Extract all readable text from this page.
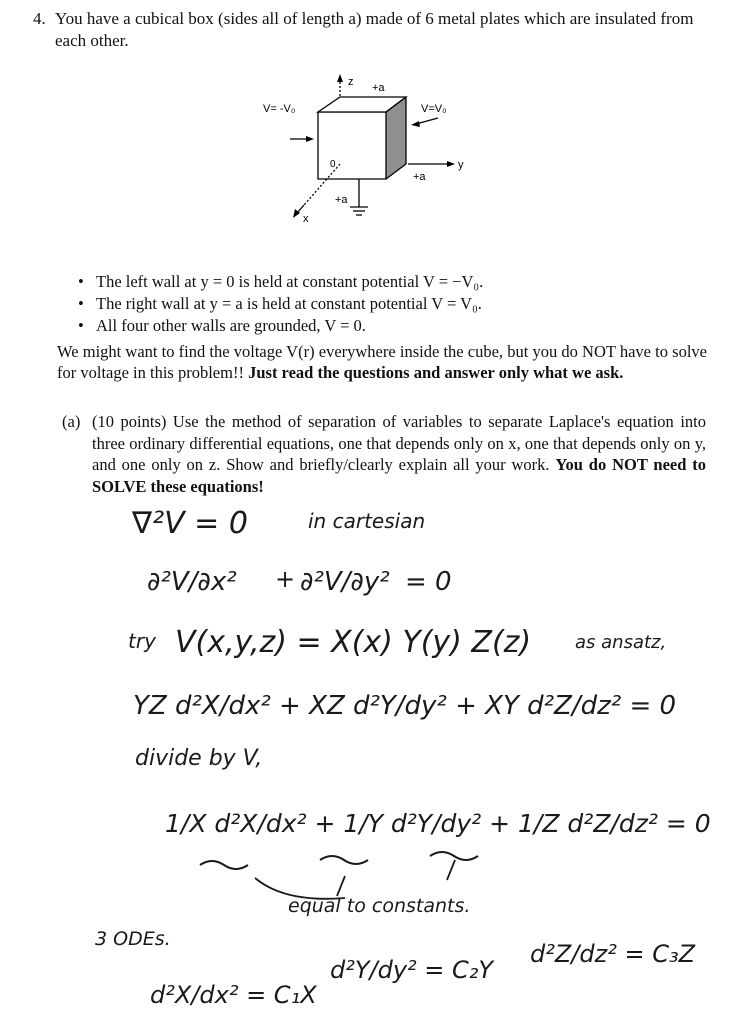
4. You have a cubical box (sides all of length a) made of 6 metal plates which are insulated from each other.
z +a
y
+a
x
0
+a
V= -V₀	V=V₀
• The left wall at y = 0 is held at constant potential V = −V₀.
• The right wall at y = a is held at constant potential V = V₀.
• All four other walls are grounded, V = 0.
We might want to find the voltage V(r) everywhere inside the cube, but you do NOT have to solve for voltage in this problem!! Just read the questions and answer only what we ask.
(a) (10 points) Use the method of separation of variables to separate Laplace's equation into three ordinary differential equations, one that depends only on x, one that depends only on y, and one only on z. Show and briefly/clearly explain all your work. You do NOT need to SOLVE these equations!
∇²V = 0	in cartesian
∂²V/∂x² + ∂²V/∂y² = 0
try V(x,y,z) = X(x) Y(y) Z(z) as ansatz,
YZ d²X/dx² + XZ d²Y/dy² + XY d²Z/dz² = 0
divide by V,
1/X d²X/dx² + 1/Y d²Y/dy² + 1/Z d²Z/dz² = 0
equal to constants.
3 ODEs.
d²X/dx² = C₁X
d²Y/dy² = C₂Y
d²Z/dz² = C₃Z
